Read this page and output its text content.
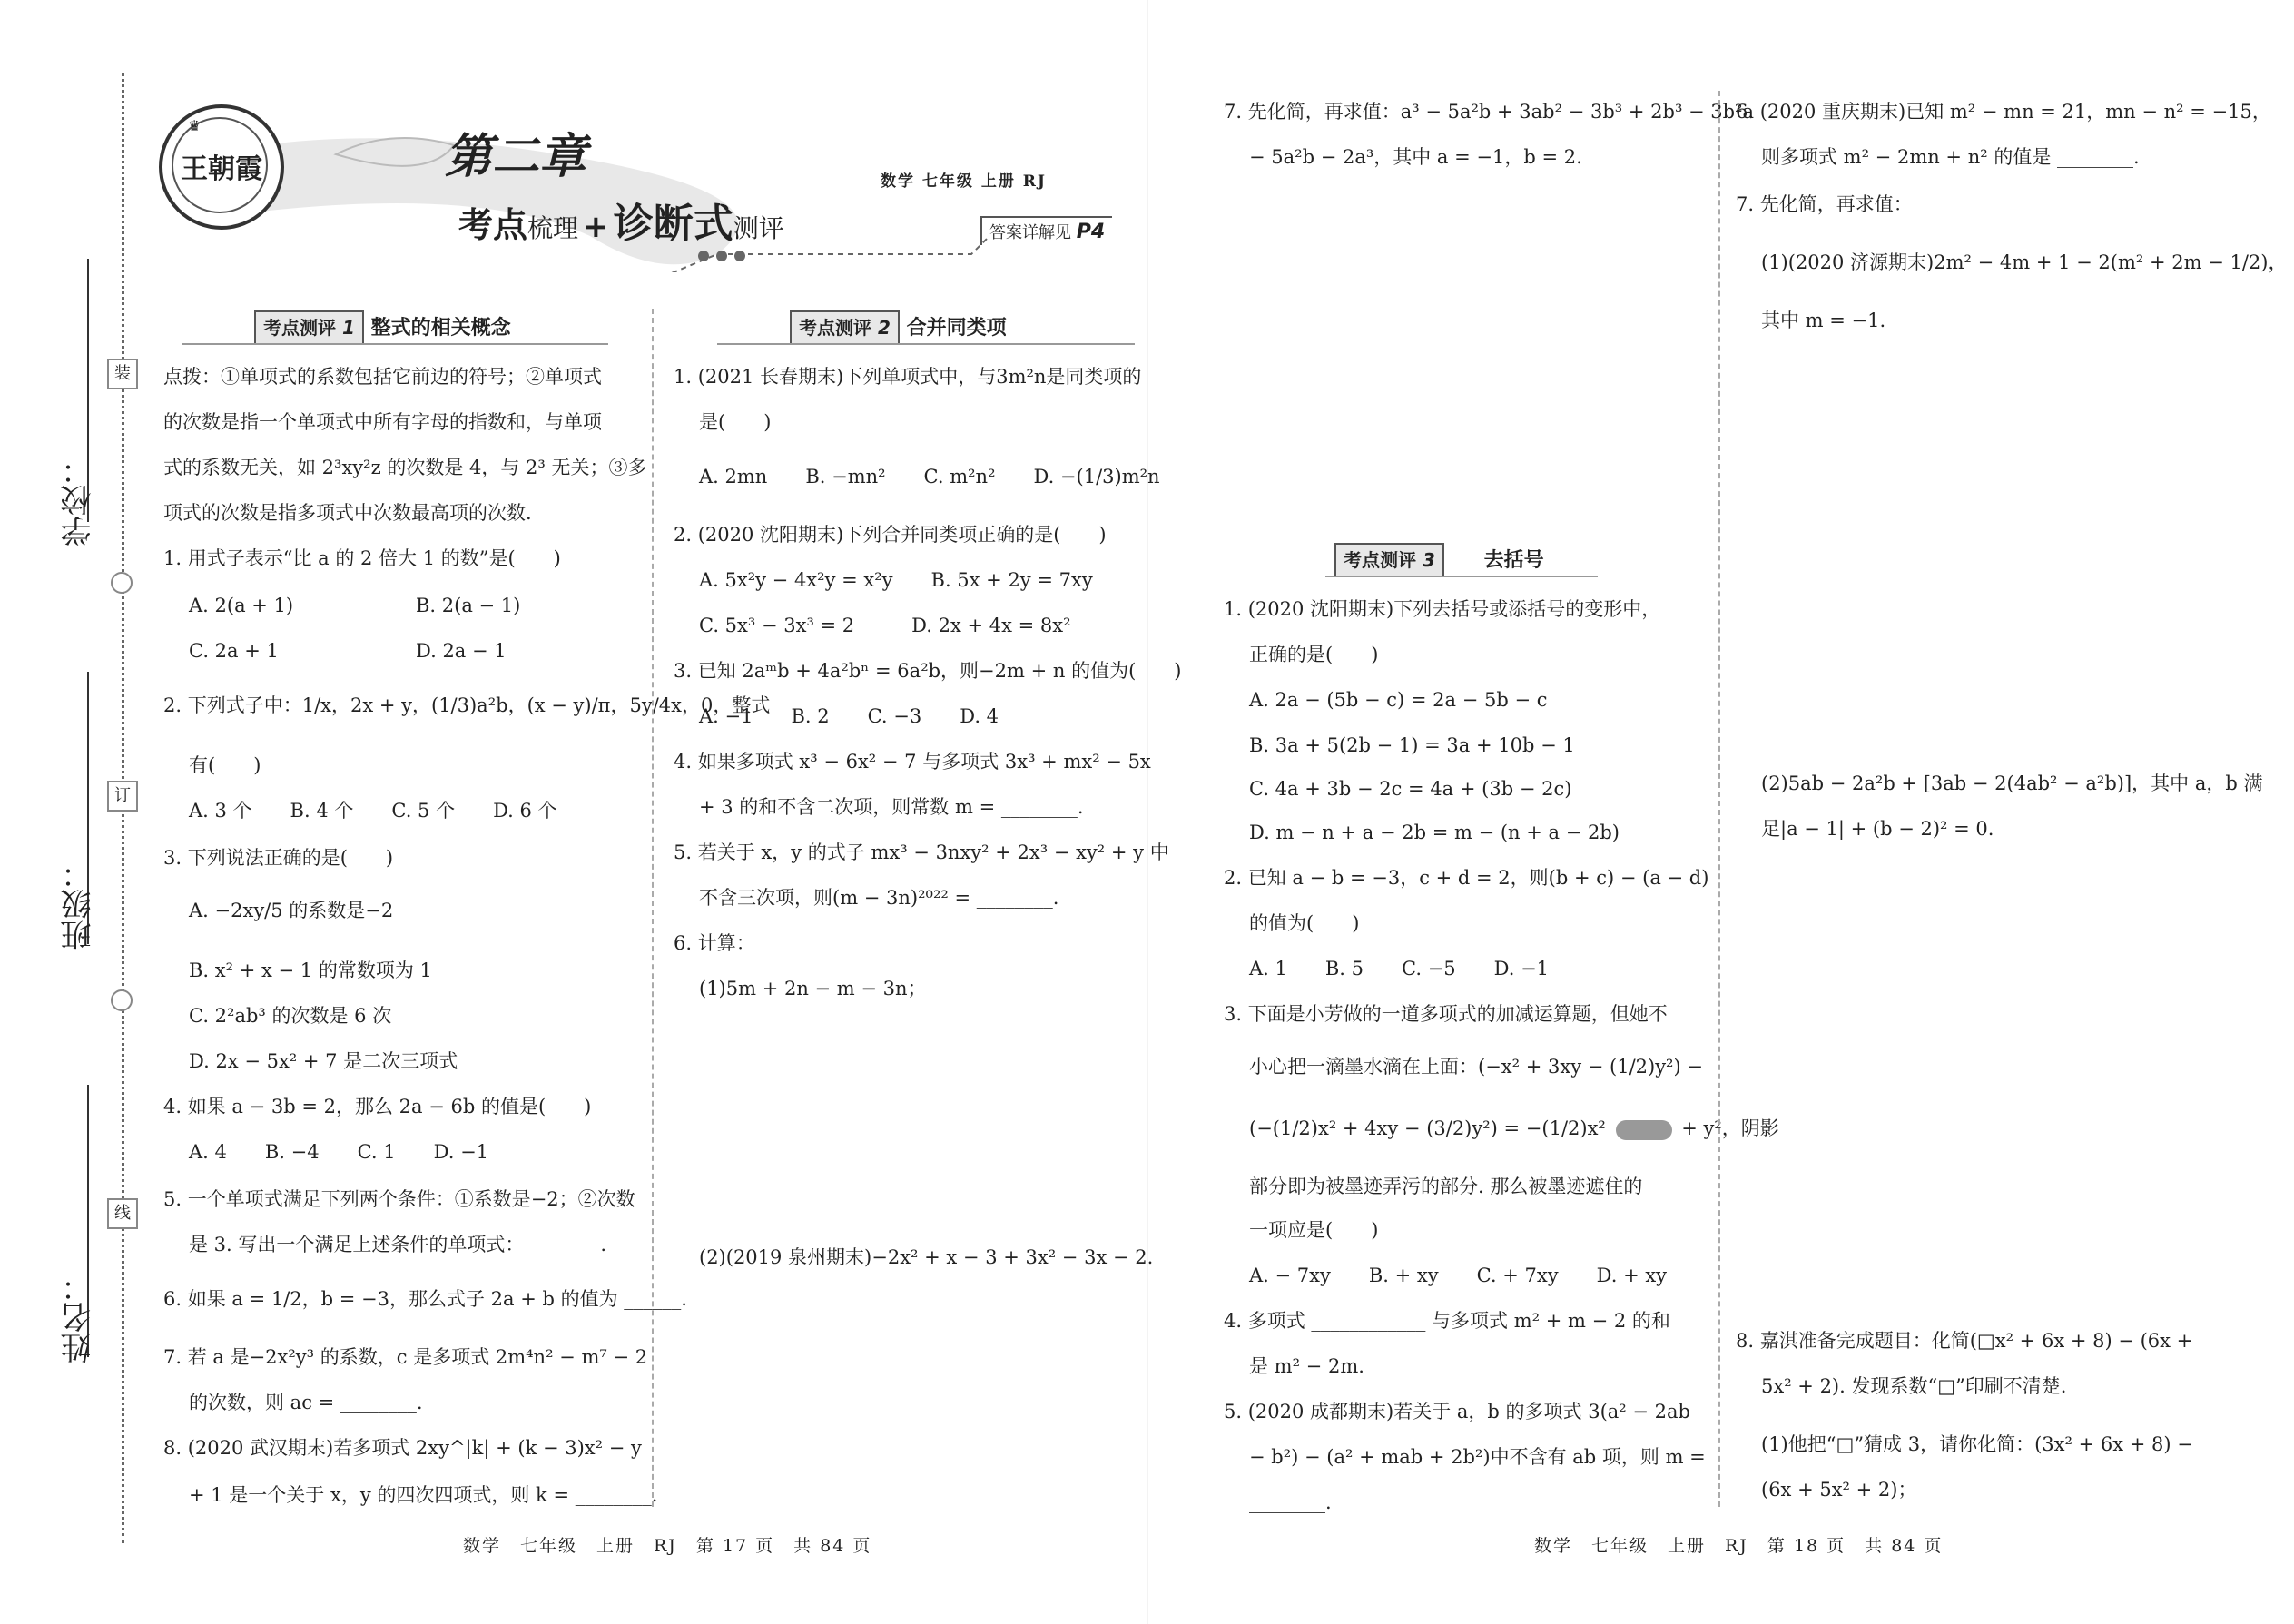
学校：
班级：
姓名：
装
订
线
♛
王朝霞	第二章
考点梳理 + 诊断式测评
数学 七年级 上册 RJ
答案详解见 P4
考点测评 1 整式的相关概念
点拨：①单项式的系数包括它前边的符号；②单项式
的次数是指一个单项式中所有字母的指数和，与单项
式的系数无关，如 2³xy²z 的次数是 4，与 2³ 无关；③多
项式的次数是指多项式中次数最高项的次数.
1. 用式子表示“比 a 的 2 倍大 1 的数”是(　　)
A. 2(a + 1)	B. 2(a − 1)
C. 2a + 1	D. 2a − 1
2. 下列式子中：1/x，2x + y，(1/3)a²b，(x − y)/π，5y/4x，0，整式
有(　　)
A. 3 个　　B. 4 个　　C. 5 个　　D. 6 个
3. 下列说法正确的是(　　)
A. −2xy/5 的系数是−2
B. x² + x − 1 的常数项为 1
C. 2²ab³ 的次数是 6 次
D. 2x − 5x² + 7 是二次三项式
4. 如果 a − 3b = 2，那么 2a − 6b 的值是(　　)
A. 4　　B. −4　　C. 1　　D. −1
5. 一个单项式满足下列两个条件：①系数是−2；②次数
是 3. 写出一个满足上述条件的单项式：________.
6. 如果 a = 1/2，b = −3，那么式子 2a + b 的值为 ______.
7. 若 a 是−2x²y³ 的系数，c 是多项式 2m⁴n² − m⁷ − 2
的次数，则 ac = ________.
8. (2020 武汉期末)若多项式 2xy^|k| + (k − 3)x² − y
+ 1 是一个关于 x，y 的四次四项式，则 k = ________.
考点测评 2 合并同类项
1. (2021 长春期末)下列单项式中，与3m²n是同类项的
是(　　)
A. 2mn　　B. −mn²　　C. m²n²　　D. −(1/3)m²n
2. (2020 沈阳期末)下列合并同类项正确的是(　　)
A. 5x²y − 4x²y = x²y　　B. 5x + 2y = 7xy
C. 5x³ − 3x³ = 2　　　D. 2x + 4x = 8x²
3. 已知 2aᵐb + 4a²bⁿ = 6a²b，则−2m + n 的值为(　　)
A. −1　　B. 2　　C. −3　　D. 4
4. 如果多项式 x³ − 6x² − 7 与多项式 3x³ + mx² − 5x
+ 3 的和不含二次项，则常数 m = ________.
5. 若关于 x，y 的式子 mx³ − 3nxy² + 2x³ − xy² + y 中
不含三次项，则(m − 3n)²⁰²² = ________.
6. 计算：
(1)5m + 2n − m − 3n；
(2)(2019 泉州期末)−2x² + x − 3 + 3x² − 3x − 2.
7. 先化简，再求值：a³ − 5a²b + 3ab² − 3b³ + 2b³ − 3b²a
− 5a²b − 2a³，其中 a = −1，b = 2.
考点测评 3 去括号
1. (2020 沈阳期末)下列去括号或添括号的变形中，
正确的是(　　)
A. 2a − (5b − c) = 2a − 5b − c
B. 3a + 5(2b − 1) = 3a + 10b − 1
C. 4a + 3b − 2c = 4a + (3b − 2c)
D. m − n + a − 2b = m − (n + a − 2b)
2. 已知 a − b = −3，c + d = 2，则(b + c) − (a − d)
的值为(　　)
A. 1　　B. 5　　C. −5　　D. −1
3. 下面是小芳做的一道多项式的加减运算题，但她不
小心把一滴墨水滴在上面：(−x² + 3xy − (1/2)y²) −
(−(1/2)x² + 4xy − (3/2)y²) = −(1/2)x²	+ y²，阴影
部分即为被墨迹弄污的部分. 那么被墨迹遮住的
一项应是(　　)
A. − 7xy　　B. + xy　　C. + 7xy　　D. + xy
4. 多项式 ____________ 与多项式 m² + m − 2 的和
是 m² − 2m.
5. (2020 成都期末)若关于 a，b 的多项式 3(a² − 2ab
− b²) − (a² + mab + 2b²)中不含有 ab 项，则 m =
________.
6. (2020 重庆期末)已知 m² − mn = 21，mn − n² = −15，
则多项式 m² − 2mn + n² 的值是 ________.
7. 先化简，再求值：
(1)(2020 济源期末)2m² − 4m + 1 − 2(m² + 2m − 1/2)，
其中 m = −1.
(2)5ab − 2a²b + [3ab − 2(4ab² − a²b)]，其中 a，b 满
足|a − 1| + (b − 2)² = 0.
8. 嘉淇准备完成题目：化简(□x² + 6x + 8) − (6x +
5x² + 2). 发现系数“□”印刷不清楚.
(1)他把“□”猜成 3，请你化简：(3x² + 6x + 8) −
(6x + 5x² + 2)；
数学　七年级　上册　RJ　第 17 页　共 84 页	数学　七年级　上册　RJ　第 18 页　共 84 页
